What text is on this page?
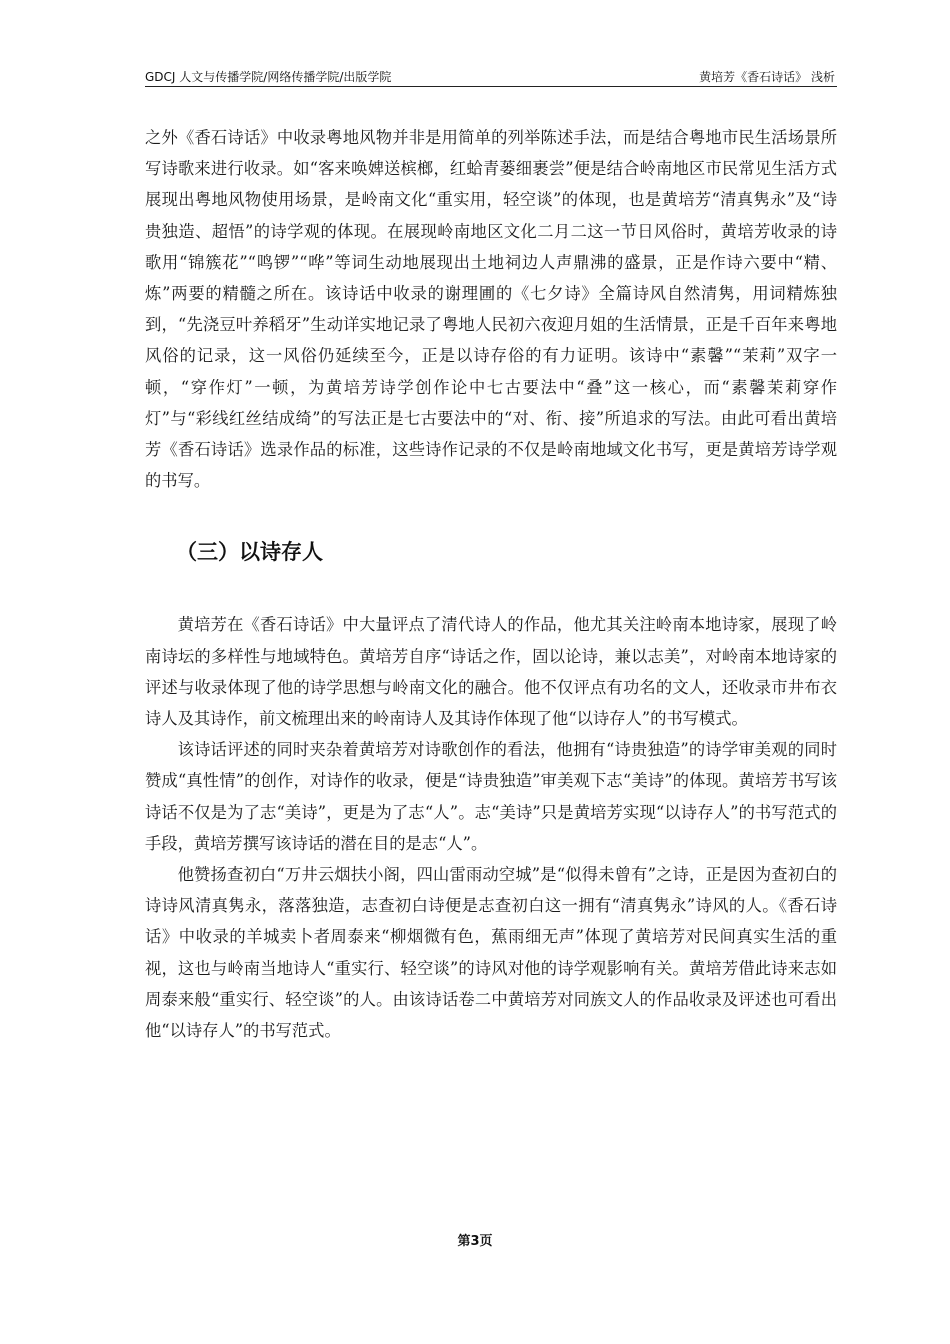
GDCJ 人文与传播学院/网络传播学院/出版学院	黄培芳《香石诗话》 浅析

之外《香石诗话》中收录粤地风物并非是用简单的列举陈述手法，而是结合粤地市民生活场景所写诗歌来进行收录。如“客来唤婢送槟榔，红蛤青蒌细裹尝”便是结合岭南地区市民常见生活方式展现出粤地风物使用场景，是岭南文化“重实用，轻空谈”的体现，也是黄培芳“清真隽永”及“诗贵独造、超悟”的诗学观的体现。在展现岭南地区文化二月二这一节日风俗时，黄培芳收录的诗歌用“锦簇花”“鸣锣”“哗”等词生动地展现出土地祠边人声鼎沸的盛景，正是作诗六要中“精、炼”两要的精髓之所在。该诗话中收录的谢理圃的《七夕诗》全篇诗风自然清隽，用词精炼独到，“先浇豆叶养稻牙”生动详实地记录了粤地人民初六夜迎月姐的生活情景，正是千百年来粤地风俗的记录，这一风俗仍延续至今，正是以诗存俗的有力证明。该诗中“素馨”“茉莉”双字一顿，“穿作灯”一顿，为黄培芳诗学创作论中七古要法中“叠”这一核心，而“素馨茉莉穿作灯”与“彩线红丝结成绮”的写法正是七古要法中的“对、衔、接”所追求的写法。由此可看出黄培芳《香石诗话》选录作品的标准，这些诗作记录的不仅是岭南地域文化书写，更是黄培芳诗学观的书写。

（三）以诗存人

黄培芳在《香石诗话》中大量评点了清代诗人的作品，他尤其关注岭南本地诗家，展现了岭南诗坛的多样性与地域特色。黄培芳自序“诗话之作，固以论诗，兼以志美”，对岭南本地诗家的评述与收录体现了他的诗学思想与岭南文化的融合。他不仅评点有功名的文人，还收录市井布衣诗人及其诗作，前文梳理出来的岭南诗人及其诗作体现了他“以诗存人”的书写模式。

该诗话评述的同时夹杂着黄培芳对诗歌创作的看法，他拥有“诗贵独造”的诗学审美观的同时赞成“真性情”的创作，对诗作的收录，便是“诗贵独造”审美观下志“美诗”的体现。黄培芳书写该诗话不仅是为了志“美诗”，更是为了志“人”。志“美诗”只是黄培芳实现“以诗存人”的书写范式的手段，黄培芳撰写该诗话的潜在目的是志“人”。

他赞扬查初白“万井云烟扶小阁，四山雷雨动空城”是“似得未曾有”之诗，正是因为查初白的诗诗风清真隽永，落落独造，志查初白诗便是志查初白这一拥有“清真隽永”诗风的人。《香石诗话》中收录的羊城卖卜者周泰来“柳烟微有色，蕉雨细无声”体现了黄培芳对民间真实生活的重视，这也与岭南当地诗人“重实行、轻空谈”的诗风对他的诗学观影响有关。黄培芳借此诗来志如周泰来般“重实行、轻空谈”的人。由该诗话卷二中黄培芳对同族文人的作品收录及评述也可看出他“以诗存人”的书写范式。

第3页
